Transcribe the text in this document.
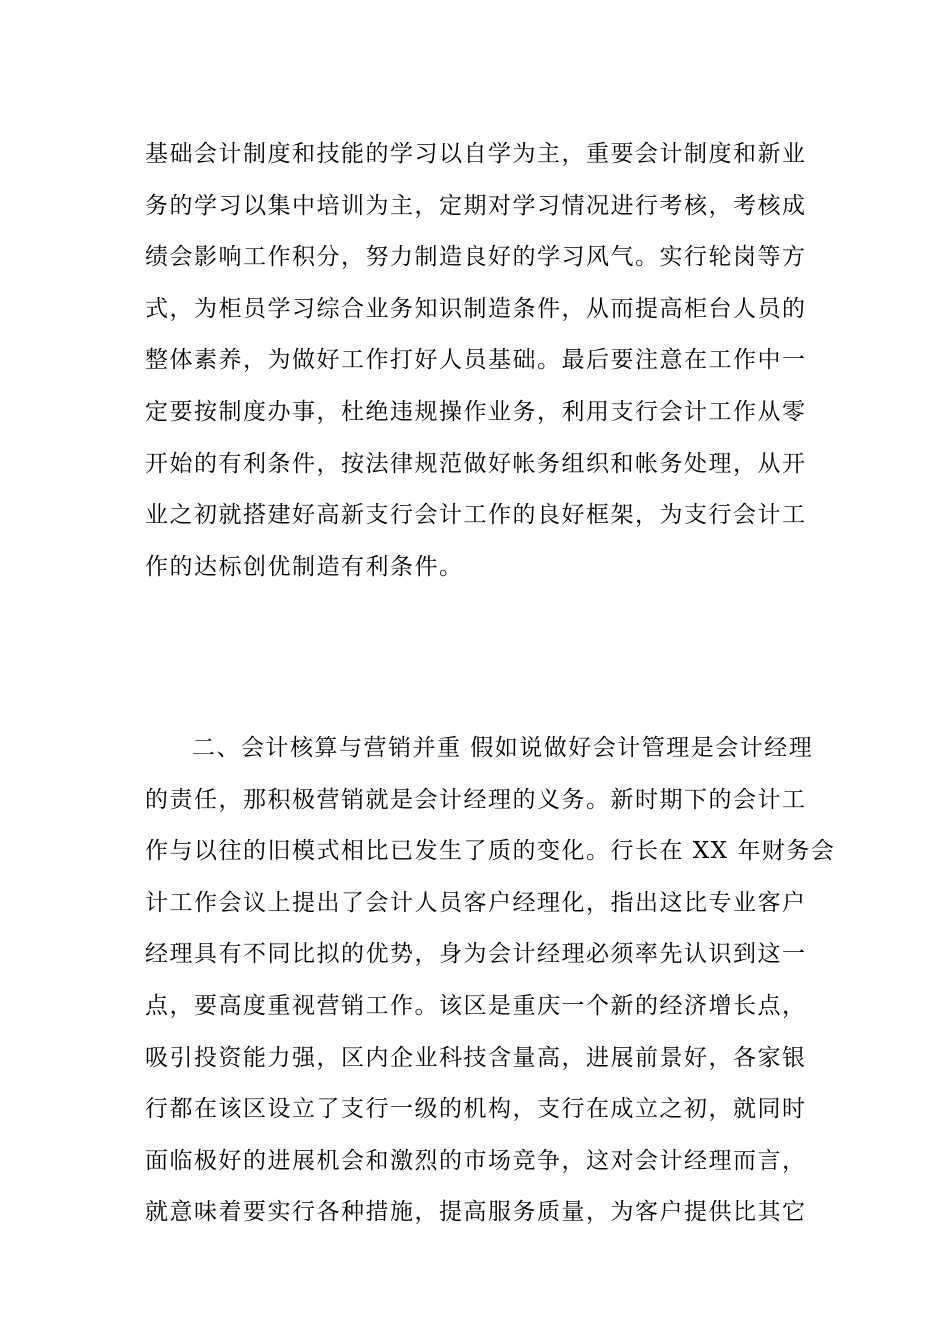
基础会计制度和技能的学习以自学为主，重要会计制度和新业
务的学习以集中培训为主，定期对学习情况进行考核，考核成
绩会影响工作积分，努力制造良好的学习风气。实行轮岗等方
式，为柜员学习综合业务知识制造条件，从而提高柜台人员的
整体素养，为做好工作打好人员基础。最后要注意在工作中一
定要按制度办事，杜绝违规操作业务，利用支行会计工作从零
开始的有利条件，按法律规范做好帐务组织和帐务处理，从开
业之初就搭建好高新支行会计工作的良好框架，为支行会计工
作的达标创优制造有利条件。

二、会计核算与营销并重 假如说做好会计管理是会计经理
的责任，那积极营销就是会计经理的义务。新时期下的会计工
作与以往的旧模式相比已发生了质的变化。行长在 XX 年财务会
计工作会议上提出了会计人员客户经理化，指出这比专业客户
经理具有不同比拟的优势，身为会计经理必须率先认识到这一
点，要高度重视营销工作。该区是重庆一个新的经济增长点，
吸引投资能力强，区内企业科技含量高，进展前景好，各家银
行都在该区设立了支行一级的机构，支行在成立之初，就同时
面临极好的进展机会和激烈的市场竞争，这对会计经理而言，
就意味着要实行各种措施，提高服务质量，为客户提供比其它
